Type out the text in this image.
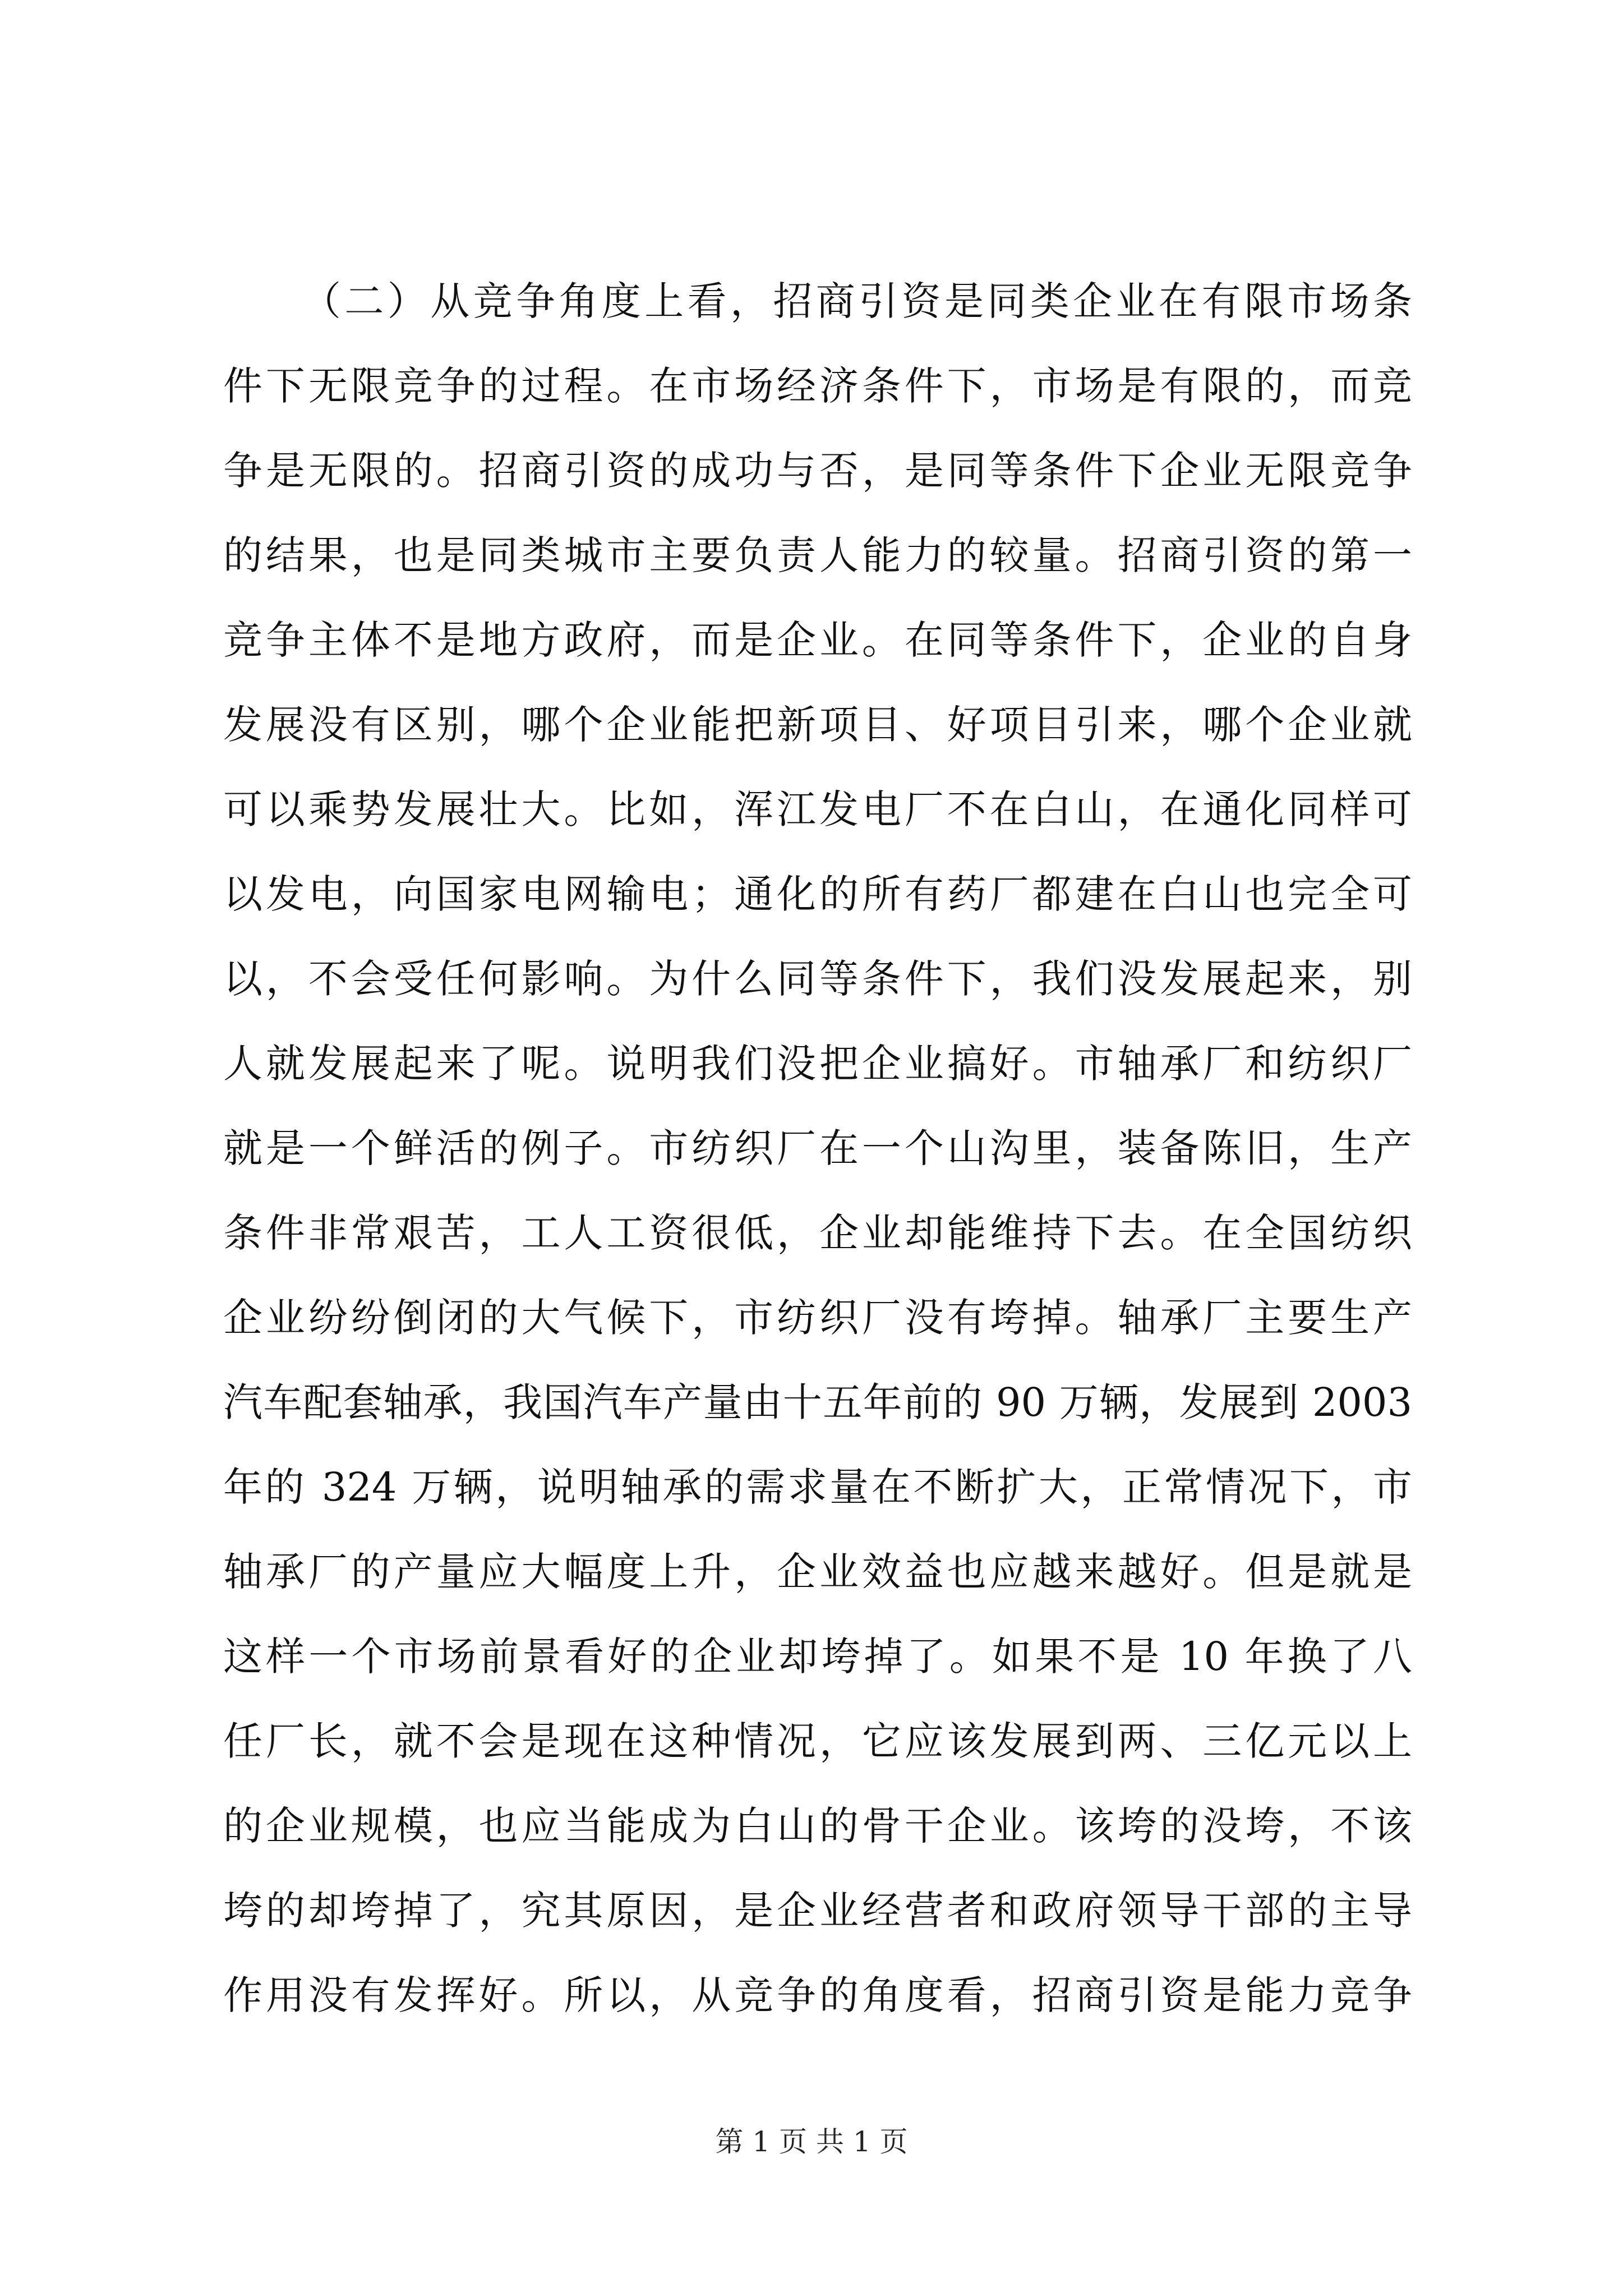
（二）从竞争角度上看，招商引资是同类企业在有限市场条
件下无限竞争的过程。在市场经济条件下，市场是有限的，而竞
争是无限的。招商引资的成功与否，是同等条件下企业无限竞争
的结果，也是同类城市主要负责人能力的较量。招商引资的第一
竞争主体不是地方政府，而是企业。在同等条件下，企业的自身
发展没有区别，哪个企业能把新项目、好项目引来，哪个企业就
可以乘势发展壮大。比如，浑江发电厂不在白山，在通化同样可
以发电，向国家电网输电；通化的所有药厂都建在白山也完全可
以，不会受任何影响。为什么同等条件下，我们没发展起来，别
人就发展起来了呢。说明我们没把企业搞好。市轴承厂和纺织厂
就是一个鲜活的例子。市纺织厂在一个山沟里，装备陈旧，生产
条件非常艰苦，工人工资很低，企业却能维持下去。在全国纺织
企业纷纷倒闭的大气候下，市纺织厂没有垮掉。轴承厂主要生产
汽车配套轴承，我国汽车产量由十五年前的 90 万辆，发展到 2003
年的 324 万辆，说明轴承的需求量在不断扩大，正常情况下，市
轴承厂的产量应大幅度上升，企业效益也应越来越好。但是就是
这样一个市场前景看好的企业却垮掉了。如果不是 10 年换了八
任厂长，就不会是现在这种情况，它应该发展到两、三亿元以上
的企业规模，也应当能成为白山的骨干企业。该垮的没垮，不该
垮的却垮掉了，究其原因，是企业经营者和政府领导干部的主导
作用没有发挥好。所以，从竞争的角度看，招商引资是能力竞争
第 1 页 共 1 页
